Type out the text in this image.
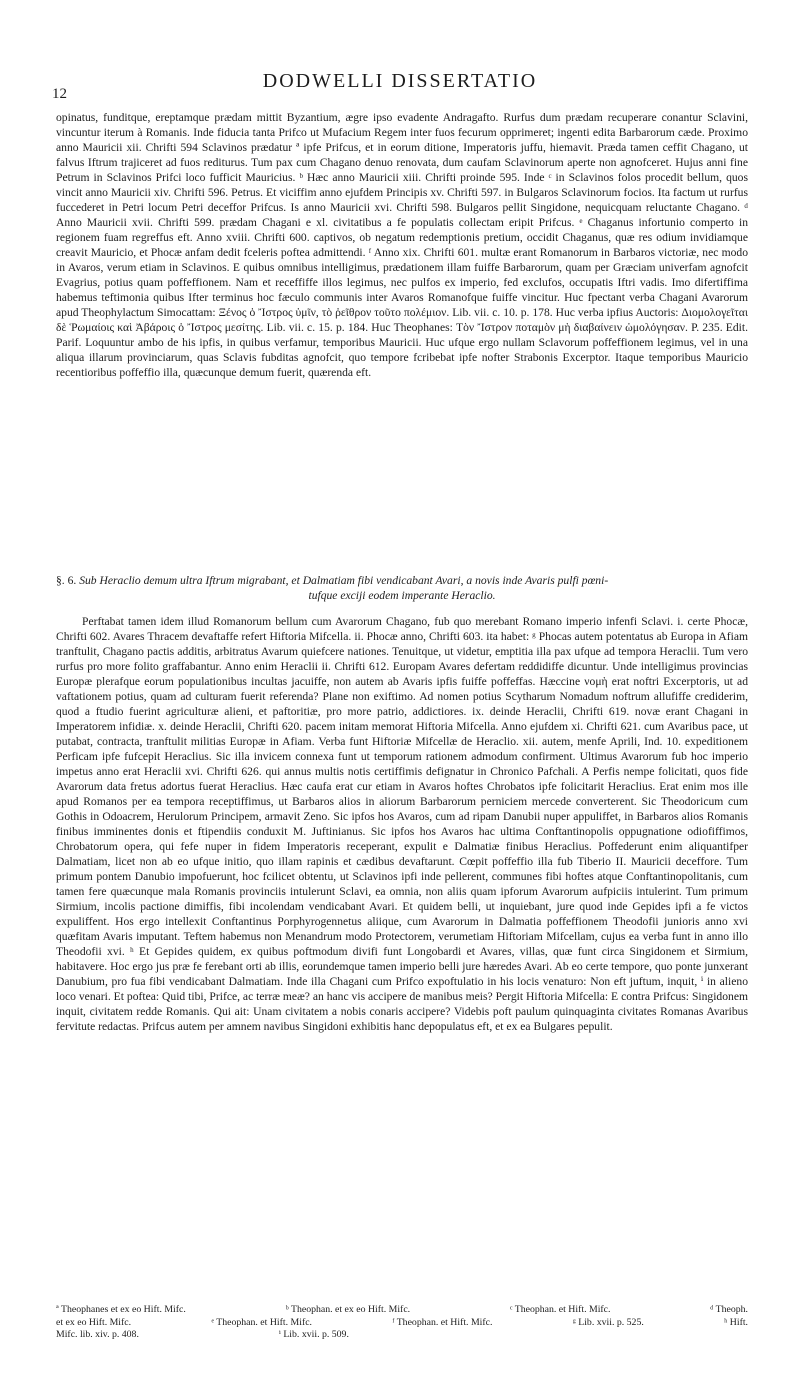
DODWELLI DISSERTATIO
12
opinatus, funditque, ereptamque prædam mittit Byzantium, ægre ipso evadente Andragafto. Rurfus dum prædam recuperare conantur Sclavini, vincuntur iterum à Romanis. Inde fiducia tanta Prifco ut Mufacium Regem inter fuos fecurum opprimeret; ingenti edita Barbarorum cæde. Proximo anno Mauricii xii. Chrifti 594 Sclavinos prædatur ª ipfe Prifcus, et in eorum ditione, Imperatoris juffu, hiemavit. Præda tamen ceffit Chagano, ut falvus Iftrum trajiceret ad fuos rediturus. Tum pax cum Chagano denuo renovata, dum caufam Sclavinorum aperte non agnofceret. Hujus anni fine Petrum in Sclavinos Prifci loco fufficit Mauricius. ᵇ Hæc anno Mauricii xiii. Chrifti proinde 595. Inde ᶜ in Sclavinos folos procedit bellum, quos vincit anno Mauricii xiv. Chrifti 596. Petrus. Et viciffim anno ejufdem Principis xv. Chrifti 597. in Bulgaros Sclavinorum focios. Ita factum ut rurfus fuccederet in Petri locum Petri deceffor Prifcus. Is anno Mauricii xvi. Chrifti 598. Bulgaros pellit Singidone, nequicquam reluctante Chagano. ᵈ Anno Mauricii xvii. Chrifti 599. prædam Chagani e xl. civitatibus a fe populatis collectam eripit Prifcus. ᵉ Chaganus infortunio comperto in regionem fuam regreffus eft. Anno xviii. Chrifti 600. captivos, ob negatum redemptionis pretium, occidit Chaganus, quæ res odium invidiamque creavit Mauricio, et Phocæ anfam dedit fceleris poftea admittendi. ᶠ Anno xix. Chrifti 601. multæ erant Romanorum in Barbaros victoriæ, nec modo in Avaros, verum etiam in Sclavinos. E quibus omnibus intelligimus, prædationem illam fuiffe Barbarorum, quam per Græciam univerfam agnofcit Evagrius, potius quam poffeffionem. Nam et receffiffe illos legimus, nec pulfos ex imperio, fed exclufos, occupatis Iftri vadis. Imo difertiffima habemus teftimonia quibus Ifter terminus hoc fæculo communis inter Avaros Romanofque fuiffe vincitur. Huc fpectant verba Chagani Avarorum apud Theophylactum Simocattam: Ξένος ὁ Ἴστρος ὑμῖν, τὸ ῥεῖθρον τοῦτο πολέμιον. Lib. vii. c. 10. p. 178. Huc verba ipfius Auctoris: Διομολογεῖται δὲ Ῥωμαίοις καὶ Ἀβάροις ὁ Ἴστρος μεσίτης. Lib. vii. c. 15. p. 184. Huc Theophanes: Τὸν Ἴστρον ποταμὸν μὴ διαβαίνειν ὡμολόγησαν. P. 235. Edit. Parif. Loquuntur ambo de his ipfis, in quibus verfamur, temporibus Mauricii. Huc ufque ergo nullam Sclavorum poffeffionem legimus, vel in una aliqua illarum provinciarum, quas Sclavis fubditas agnofcit, quo tempore fcribebat ipfe nofter Strabonis Excerptor. Itaque temporibus Mauricio recentioribus poffeffio illa, quæcunque demum fuerit, quærenda eft.
§. 6. Sub Heraclio demum ultra Iftrum migrabant, et Dalmatiam fibi vendicabant Avari, a novis inde Avaris pulfi pœni-
tufque exciji eodem imperante Heraclio.
Perftabat tamen idem illud Romanorum bellum cum Avarorum Chagano, fub quo merebant Romano imperio infenfi Sclavi. i. certe Phocæ, Chrifti 602. Avares Thracem devaftaffe refert Hiftoria Mifcella. ii. Phocæ anno, Chrifti 603. ita habet: ᵍ Phocas autem potentatus ab Europa in Afiam tranftulit, Chagano pactis additis, arbitratus Avarum quiefcere nationes. Tenuitque, ut videtur, emptitia illa pax ufque ad tempora Heraclii. Tum vero rurfus pro more folito graffabantur. Anno enim Heraclii ii. Chrifti 612. Europam Avares defertam reddidiffe dicuntur. Unde intelligimus provincias Europæ plerafque eorum populationibus incultas jacuiffe, non autem ab Avaris ipfis fuiffe poffeffas. Hæccine νομὴ erat noftri Excerptoris, ut ad vaftationem potius, quam ad culturam fuerit referenda? Plane non exiftimo. Ad nomen potius Scytharum Nomadum noftrum allufiffe crediderim, quod a ftudio fuerint agriculturæ alieni, et paftoritiæ, pro more patrio, addictiores. ix. deinde Heraclii, Chrifti 619. novæ erant Chagani in Imperatorem infidiæ. x. deinde Heraclii, Chrifti 620. pacem initam memorat Hiftoria Mifcella. Anno ejufdem xi. Chrifti 621. cum Avaribus pace, ut putabat, contracta, tranftulit militias Europæ in Afiam. Verba funt Hiftoriæ Mifcellæ de Heraclio. xii. autem, menfe Aprili, Ind. 10. expeditionem Perficam ipfe fufcepit Heraclius. Sic illa invicem connexa funt ut temporum rationem admodum confirment. Ultimus Avarorum fub hoc imperio impetus anno erat Heraclii xvi. Chrifti 626. qui annus multis notis certiffimis defignatur in Chronico Pafchali. A Perfis nempe folicitati, quos fide Avarorum data fretus adortus fuerat Heraclius. Hæc caufa erat cur etiam in Avaros hoftes Chrobatos ipfe folicitarit Heraclius. Erat enim mos ille apud Romanos per ea tempora receptiffimus, ut Barbaros alios in aliorum Barbarorum perniciem mercede converterent. Sic Theodoricum cum Gothis in Odoacrem, Herulorum Principem, armavit Zeno. Sic ipfos hos Avaros, cum ad ripam Danubii nuper appuliffet, in Barbaros alios Romanis finibus imminentes donis et ftipendiis conduxit M. Juftinianus. Sic ipfos hos Avaros hac ultima Conftantinopolis oppugnatione odiofiffimos, Chrobatorum opera, qui fefe nuper in fidem Imperatoris receperant, expulit e Dalmatiæ finibus Heraclius. Poffederunt enim aliquantifper Dalmatiam, licet non ab eo ufque initio, quo illam rapinis et cædibus devaftarunt. Cœpit poffeffio illa fub Tiberio II. Mauricii deceffore. Tum primum pontem Danubio impofuerunt, hoc fcilicet obtentu, ut Sclavinos ipfi inde pellerent, communes fibi hoftes atque Conftantinopolitanis, cum tamen fere quæcunque mala Romanis provinciis intulerunt Sclavi, ea omnia, non aliis quam ipforum Avarorum aufpiciis intulerint. Tum primum Sirmium, incolis pactione dimiffis, fibi incolendam vendicabant Avari. Et quidem belli, ut inquiebant, jure quod inde Gepides ipfi a fe victos expuliffent. Hos ergo intellexit Conftantinus Porphyrogennetus aliique, cum Avarorum in Dalmatia poffeffionem Theodofii junioris anno xvi quæfitam Avaris imputant. Teftem habemus non Menandrum modo Protectorem, verumetiam Hiftoriam Mifcellam, cujus ea verba funt in anno illo Theodofii xvi. ʰ Et Gepides quidem, ex quibus poftmodum divifi funt Longobardi et Avares, villas, quæ funt circa Singidonem et Sirmium, habitavere. Hoc ergo jus præ fe ferebant orti ab illis, eorundemque tamen imperio belli jure hæredes Avari. Ab eo certe tempore, quo ponte junxerant Danubium, pro fua fibi vendicabant Dalmatiam. Inde illa Chagani cum Prifco expoftulatio in his locis venaturo: Non eft juftum, inquit, ⁱ in alieno loco venari. Et poftea: Quid tibi, Prifce, ac terræ meæ? an hanc vis accipere de manibus meis? Pergit Hiftoria Mifcella: E contra Prifcus: Singidonem inquit, civitatem redde Romanis. Qui ait: Unam civitatem a nobis conaris accipere? Videbis poft paulum quinquaginta civitates Romanas Avaribus fervitute redactas. Prifcus autem per amnem navibus Singidoni exhibitis hanc depopulatus eft, et ex ea Bulgares pepulit.
ª Theophanes et ex eo Hift. Mifc.	ᵇ Theophan. et ex eo Hift. Mifc.	ᶜ Theophan. et Hift. Mifc.	ᵈ Theoph.
et ex eo Hift. Mifc.	ᵉ Theophan. et Hift. Mifc.	ᶠ Theophan. et Hift. Mifc.	ᵍ Lib. xvii. p. 525.	ʰ Hift.
Mifc. lib. xiv. p. 408.	ⁱ Lib. xvii. p. 509.
